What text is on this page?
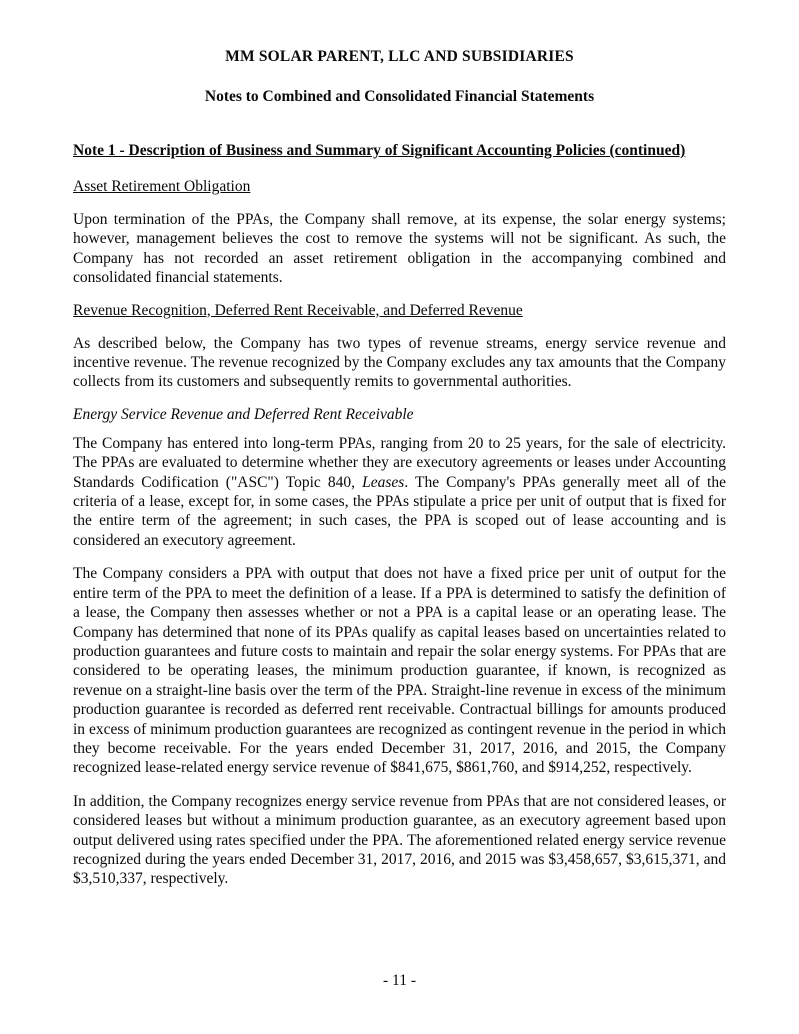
MM SOLAR PARENT, LLC AND SUBSIDIARIES
Notes to Combined and Consolidated Financial Statements
Note 1 - Description of Business and Summary of Significant Accounting Policies (continued)
Asset Retirement Obligation

Upon termination of the PPAs, the Company shall remove, at its expense, the solar energy systems; however, management believes the cost to remove the systems will not be significant. As such, the Company has not recorded an asset retirement obligation in the accompanying combined and consolidated financial statements.

Revenue Recognition, Deferred Rent Receivable, and Deferred Revenue

As described below, the Company has two types of revenue streams, energy service revenue and incentive revenue. The revenue recognized by the Company excludes any tax amounts that the Company collects from its customers and subsequently remits to governmental authorities.

Energy Service Revenue and Deferred Rent Receivable

The Company has entered into long-term PPAs, ranging from 20 to 25 years, for the sale of electricity. The PPAs are evaluated to determine whether they are executory agreements or leases under Accounting Standards Codification ("ASC") Topic 840, Leases. The Company's PPAs generally meet all of the criteria of a lease, except for, in some cases, the PPAs stipulate a price per unit of output that is fixed for the entire term of the agreement; in such cases, the PPA is scoped out of lease accounting and is considered an executory agreement.

The Company considers a PPA with output that does not have a fixed price per unit of output for the entire term of the PPA to meet the definition of a lease. If a PPA is determined to satisfy the definition of a lease, the Company then assesses whether or not a PPA is a capital lease or an operating lease. The Company has determined that none of its PPAs qualify as capital leases based on uncertainties related to production guarantees and future costs to maintain and repair the solar energy systems. For PPAs that are considered to be operating leases, the minimum production guarantee, if known, is recognized as revenue on a straight-line basis over the term of the PPA. Straight-line revenue in excess of the minimum production guarantee is recorded as deferred rent receivable. Contractual billings for amounts produced in excess of minimum production guarantees are recognized as contingent revenue in the period in which they become receivable. For the years ended December 31, 2017, 2016, and 2015, the Company recognized lease-related energy service revenue of $841,675, $861,760, and $914,252, respectively.

In addition, the Company recognizes energy service revenue from PPAs that are not considered leases, or considered leases but without a minimum production guarantee, as an executory agreement based upon output delivered using rates specified under the PPA. The aforementioned related energy service revenue recognized during the years ended December 31, 2017, 2016, and 2015 was $3,458,657, $3,615,371, and $3,510,337, respectively.

- 11 -
